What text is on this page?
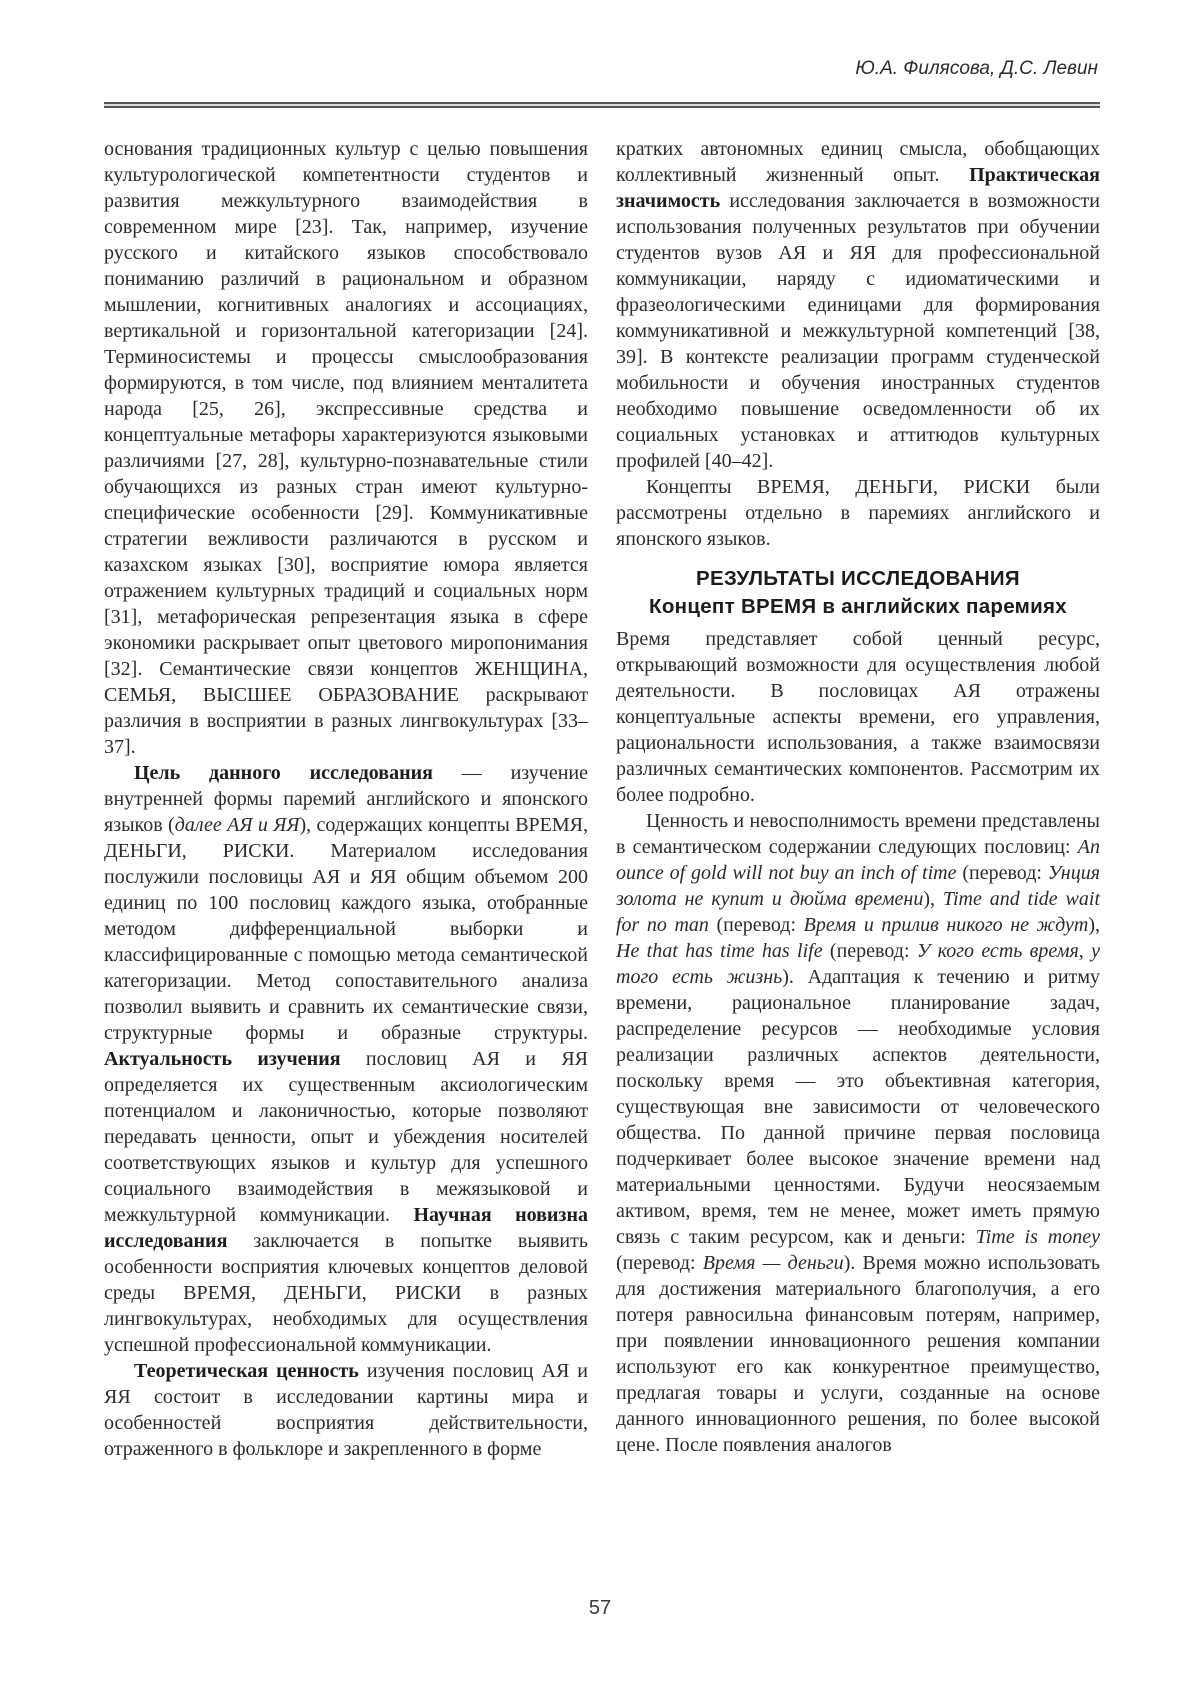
Ю.А. Филясова, Д.С. Левин

основания традиционных культур с целью повышения культурологической компетентности студентов и развития межкультурного взаимодействия в современном мире [23]. Так, например, изучение русского и китайского языков способствовало пониманию различий в рациональном и образном мышлении, когнитивных аналогиях и ассоциациях, вертикальной и горизонтальной категоризации [24]. Терминосистемы и процессы смыслообразования формируются, в том числе, под влиянием менталитета народа [25, 26], экспрессивные средства и концептуальные метафоры характеризуются языковыми различиями [27, 28], культурно-познавательные стили обучающихся из разных стран имеют культурно-специфические особенности [29]. Коммуникативные стратегии вежливости различаются в русском и казахском языках [30], восприятие юмора является отражением культурных традиций и социальных норм [31], метафорическая репрезентация языка в сфере экономики раскрывает опыт цветового миропонимания [32]. Семантические связи концептов ЖЕНЩИНА, СЕМЬЯ, ВЫСШЕЕ ОБРАЗОВАНИЕ раскрывают различия в восприятии в разных лингвокультурах [33–37].

Цель данного исследования — изучение внутренней формы паремий английского и японского языков (далее АЯ и ЯЯ), содержащих концепты ВРЕМЯ, ДЕНЬГИ, РИСКИ. Материалом исследования послужили пословицы АЯ и ЯЯ общим объемом 200 единиц по 100 пословиц каждого языка, отобранные методом дифференциальной выборки и классифицированные с помощью метода семантической категоризации. Метод сопоставительного анализа позволил выявить и сравнить их семантические связи, структурные формы и образные структуры. Актуальность изучения пословиц АЯ и ЯЯ определяется их существенным аксиологическим потенциалом и лаконичностью, которые позволяют передавать ценности, опыт и убеждения носителей соответствующих языков и культур для успешного социального взаимодействия в межязыковой и межкультурной коммуникации. Научная новизна исследования заключается в попытке выявить особенности восприятия ключевых концептов деловой среды ВРЕМЯ, ДЕНЬГИ, РИСКИ в разных лингвокультурах, необходимых для осуществления успешной профессиональной коммуникации.

Теоретическая ценность изучения пословиц АЯ и ЯЯ состоит в исследовании картины мира и особенностей восприятия действительности, отраженного в фольклоре и закрепленного в форме

кратких автономных единиц смысла, обобщающих коллективный жизненный опыт. Практическая значимость исследования заключается в возможности использования полученных результатов при обучении студентов вузов АЯ и ЯЯ для профессиональной коммуникации, наряду с идиоматическими и фразеологическими единицами для формирования коммуникативной и межкультурной компетенций [38, 39]. В контексте реализации программ студенческой мобильности и обучения иностранных студентов необходимо повышение осведомленности об их социальных установках и аттитюдов культурных профилей [40–42].

Концепты ВРЕМЯ, ДЕНЬГИ, РИСКИ были рассмотрены отдельно в паремиях английского и японского языков.

РЕЗУЛЬТАТЫ ИССЛЕДОВАНИЯ
Концепт ВРЕМЯ в английских паремиях

Время представляет собой ценный ресурс, открывающий возможности для осуществления любой деятельности. В пословицах АЯ отражены концептуальные аспекты времени, его управления, рациональности использования, а также взаимосвязи различных семантических компонентов. Рассмотрим их более подробно.

Ценность и невосполнимость времени представлены в семантическом содержании следующих пословиц: An ounce of gold will not buy an inch of time (перевод: Унция золота не купит и дюйма времени), Time and tide wait for no man (перевод: Время и прилив никого не ждут), He that has time has life (перевод: У кого есть время, у того есть жизнь). Адаптация к течению и ритму времени, рациональное планирование задач, распределение ресурсов — необходимые условия реализации различных аспектов деятельности, поскольку время — это объективная категория, существующая вне зависимости от человеческого общества. По данной причине первая пословица подчеркивает более высокое значение времени над материальными ценностями. Будучи неосязаемым активом, время, тем не менее, может иметь прямую связь с таким ресурсом, как и деньги: Time is money (перевод: Время — деньги). Время можно использовать для достижения материального благополучия, а его потеря равносильна финансовым потерям, например, при появлении инновационного решения компании используют его как конкурентное преимущество, предлагая товары и услуги, созданные на основе данного инновационного решения, по более высокой цене. После появления аналогов

57
